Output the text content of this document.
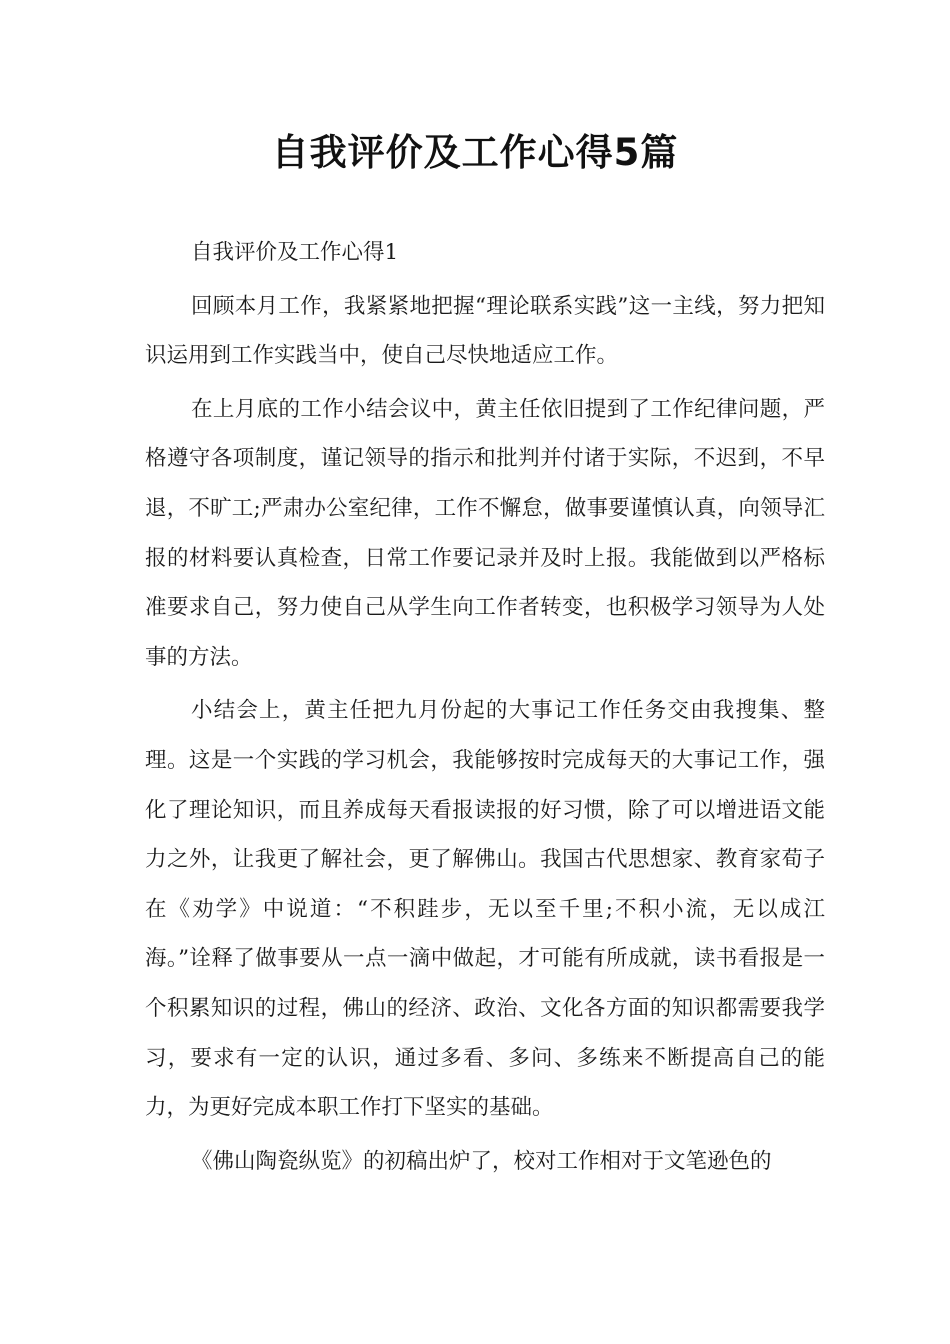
自我评价及工作心得5篇

自我评价及工作心得1

回顾本月工作，我紧紧地把握“理论联系实践”这一主线，努力把知识运用到工作实践当中，使自己尽快地适应工作。

在上月底的工作小结会议中，黄主任依旧提到了工作纪律问题，严格遵守各项制度，谨记领导的指示和批判并付诸于实际，不迟到，不早退，不旷工;严肃办公室纪律，工作不懈怠，做事要谨慎认真，向领导汇报的材料要认真检查，日常工作要记录并及时上报。我能做到以严格标准要求自己，努力使自己从学生向工作者转变，也积极学习领导为人处事的方法。

小结会上，黄主任把九月份起的大事记工作任务交由我搜集、整理。这是一个实践的学习机会，我能够按时完成每天的大事记工作，强化了理论知识，而且养成每天看报读报的好习惯，除了可以增进语文能力之外，让我更了解社会，更了解佛山。我国古代思想家、教育家荀子在《劝学》中说道：“不积跬步，无以至千里;不积小流，无以成江海。”诠释了做事要从一点一滴中做起，才可能有所成就，读书看报是一个积累知识的过程，佛山的经济、政治、文化各方面的知识都需要我学习，要求有一定的认识，通过多看、多问、多练来不断提高自己的能力，为更好完成本职工作打下坚实的基础。

《佛山陶瓷纵览》的初稿出炉了，校对工作相对于文笔逊色的
